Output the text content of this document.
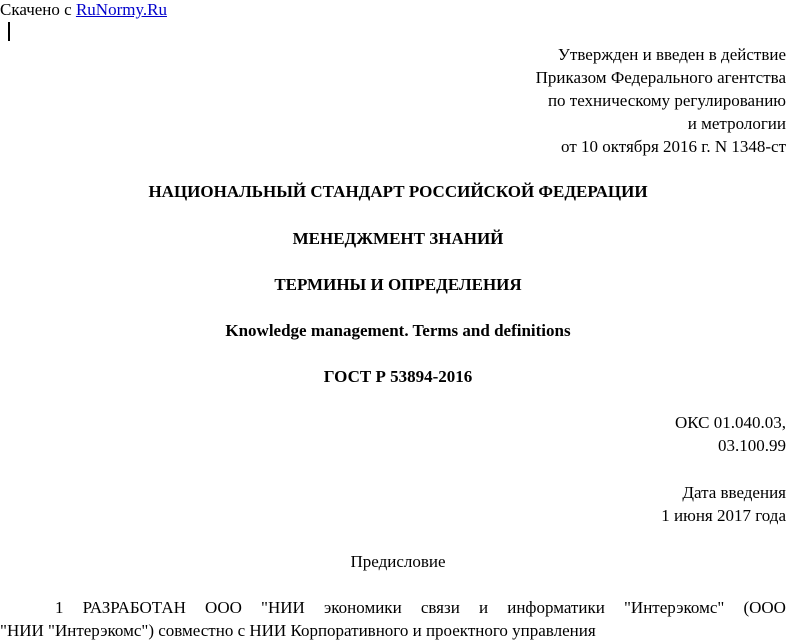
Скачено с RuNormy.Ru
Утвержден и введен в действие
Приказом Федерального агентства
по техническому регулированию
и метрологии
от 10 октября 2016 г. N 1348-ст
НАЦИОНАЛЬНЫЙ СТАНДАРТ РОССИЙСКОЙ ФЕДЕРАЦИИ
МЕНЕДЖМЕНТ ЗНАНИЙ
ТЕРМИНЫ И ОПРЕДЕЛЕНИЯ
Knowledge management. Terms and definitions
ГОСТ Р 53894-2016
ОКС 01.040.03,
03.100.99
Дата введения
1 июня 2017 года
Предисловие
1 РАЗРАБОТАН ООО "НИИ экономики связи и информатики "Интерэкомс" (ООО
"НИИ "Интерэкомс") совместно с НИИ Корпоративного и проектного управления
